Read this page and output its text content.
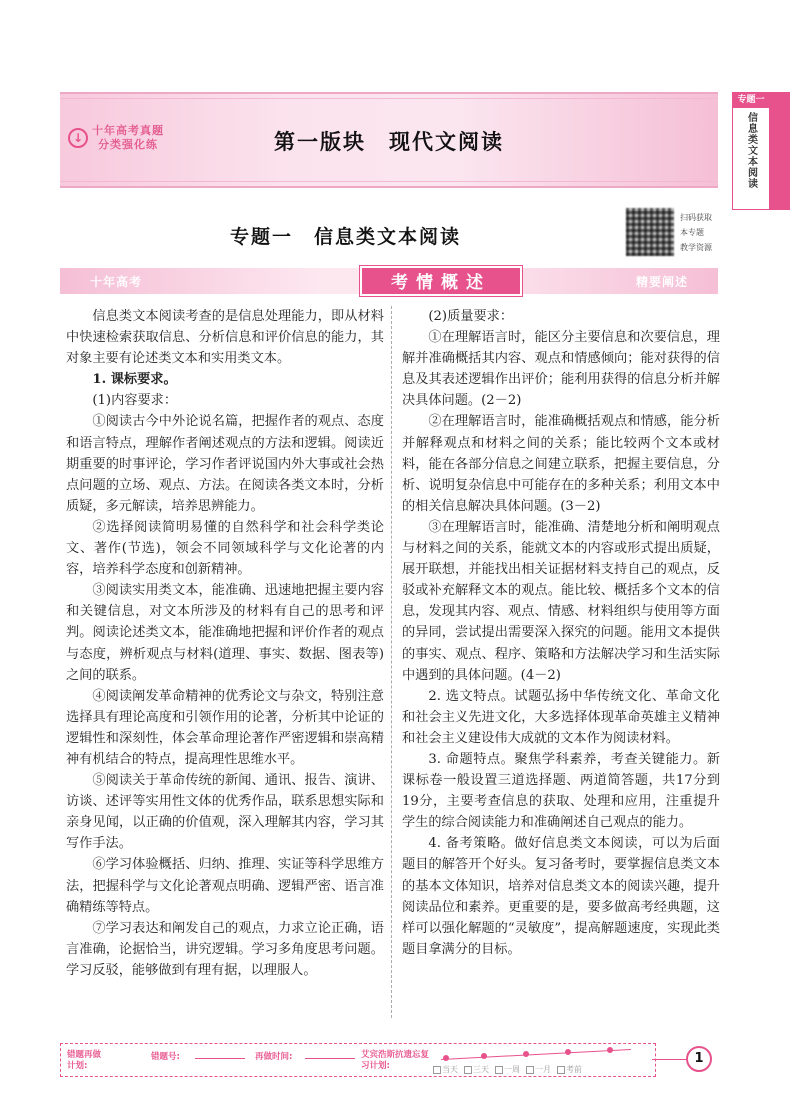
↓
十年高考真题
分类强化练	第一版块　现代文阅读
专题一
信息类文本阅读
专题一　信息类文本阅读
扫码获取
本专题
教学资源
十年高考	考情概述	精要阐述

信息类文本阅读考查的是信息处理能力，即从材料中快速检索获取信息、分析信息和评价信息的能力，其对象主要有论述类文本和实用类文本。

1. 课标要求。

(1)内容要求：

①阅读古今中外论说名篇，把握作者的观点、态度和语言特点，理解作者阐述观点的方法和逻辑。阅读近期重要的时事评论，学习作者评说国内外大事或社会热点问题的立场、观点、方法。在阅读各类文本时，分析质疑，多元解读，培养思辨能力。

②选择阅读简明易懂的自然科学和社会科学类论文、著作(节选)，领会不同领域科学与文化论著的内容，培养科学态度和创新精神。

③阅读实用类文本，能准确、迅速地把握主要内容和关键信息，对文本所涉及的材料有自己的思考和评判。阅读论述类文本，能准确地把握和评价作者的观点与态度，辨析观点与材料(道理、事实、数据、图表等)之间的联系。

④阅读阐发革命精神的优秀论文与杂文，特别注意选择具有理论高度和引领作用的论著，分析其中论证的逻辑性和深刻性，体会革命理论著作严密逻辑和崇高精神有机结合的特点，提高理性思维水平。

⑤阅读关于革命传统的新闻、通讯、报告、演讲、访谈、述评等实用性文体的优秀作品，联系思想实际和亲身见闻，以正确的价值观，深入理解其内容，学习其写作手法。

⑥学习体验概括、归纳、推理、实证等科学思维方法，把握科学与文化论著观点明确、逻辑严密、语言准确精练等特点。

⑦学习表达和阐发自己的观点，力求立论正确，语言准确，论据恰当，讲究逻辑。学习多角度思考问题。学习反驳，能够做到有理有据，以理服人。

(2)质量要求：

①在理解语言时，能区分主要信息和次要信息，理解并准确概括其内容、观点和情感倾向；能对获得的信息及其表述逻辑作出评价；能利用获得的信息分析并解决具体问题。(2－2)

②在理解语言时，能准确概括观点和情感，能分析并解释观点和材料之间的关系；能比较两个文本或材料，能在各部分信息之间建立联系，把握主要信息，分析、说明复杂信息中可能存在的多种关系；利用文本中的相关信息解决具体问题。(3－2)

③在理解语言时，能准确、清楚地分析和阐明观点与材料之间的关系，能就文本的内容或形式提出质疑，展开联想，并能找出相关证据材料支持自己的观点，反驳或补充解释文本的观点。能比较、概括多个文本的信息，发现其内容、观点、情感、材料组织与使用等方面的异同，尝试提出需要深入探究的问题。能用文本提供的事实、观点、程序、策略和方法解决学习和生活实际中遇到的具体问题。(4－2)

2. 选文特点。试题弘扬中华传统文化、革命文化和社会主义先进文化，大多选择体现革命英雄主义精神和社会主义建设伟大成就的文本作为阅读材料。

3. 命题特点。聚焦学科素养，考查关键能力。新课标卷一般设置三道选择题、两道简答题，共17分到19分，主要考查信息的获取、处理和应用，注重提升学生的综合阅读能力和准确阐述自己观点的能力。

4. 备考策略。做好信息类文本阅读，可以为后面题目的解答开个好头。复习备考时，要掌握信息类文本的基本文体知识，培养对信息类文本的阅读兴趣，提升阅读品位和素养。更重要的是，要多做高考经典题，这样可以强化解题的“灵敏度”，提高解题速度，实现此类题目拿满分的目标。

错题再做计划:
错题号:	再做时间:	艾宾浩斯抗遗忘复习计划:	当天 三天 一周 一月 考前
1
